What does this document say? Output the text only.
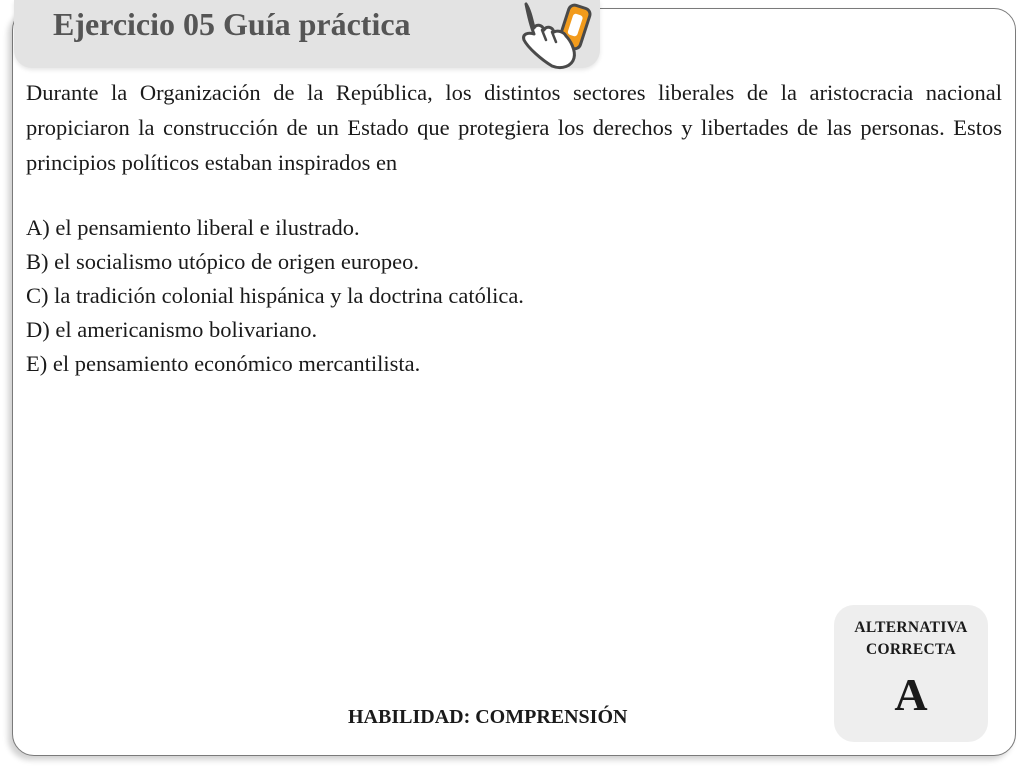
Ejercicio 05 Guía práctica
Durante la Organización de la República, los distintos sectores liberales de la aristocracia nacional propiciaron la construcción de un Estado que protegiera los derechos y libertades de las personas. Estos principios políticos estaban inspirados en
A) el pensamiento liberal e ilustrado.
B) el socialismo utópico de origen europeo.
C) la tradición colonial hispánica y la doctrina católica.
D) el americanismo bolivariano.
E) el pensamiento económico mercantilista.
ALTERNATIVA
CORRECTA
A
HABILIDAD: COMPRENSIÓN
